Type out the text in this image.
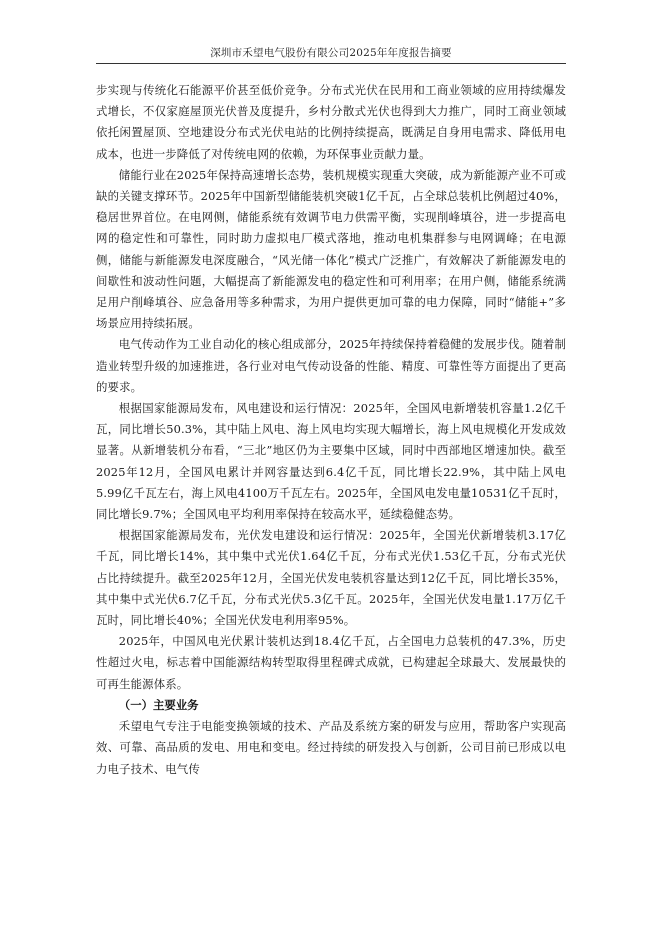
深圳市禾望电气股份有限公司2025年年度报告摘要

步实现与传统化石能源平价甚至低价竞争。分布式光伏在民用和工商业领域的应用持续爆发式增长，不仅家庭屋顶光伏普及度提升，乡村分散式光伏也得到大力推广，同时工商业领域依托闲置屋顶、空地建设分布式光伏电站的比例持续提高，既满足自身用电需求、降低用电成本，也进一步降低了对传统电网的依赖，为环保事业贡献力量。

储能行业在2025年保持高速增长态势，装机规模实现重大突破，成为新能源产业不可或缺的关键支撑环节。2025年中国新型储能装机突破1亿千瓦，占全球总装机比例超过40%，稳居世界首位。在电网侧，储能系统有效调节电力供需平衡，实现削峰填谷，进一步提高电网的稳定性和可靠性，同时助力虚拟电厂模式落地，推动电机集群参与电网调峰；在电源侧，储能与新能源发电深度融合，“风光储一体化”模式广泛推广，有效解决了新能源发电的间歇性和波动性问题，大幅提高了新能源发电的稳定性和可利用率；在用户侧，储能系统满足用户削峰填谷、应急备用等多种需求，为用户提供更加可靠的电力保障，同时“储能+”多场景应用持续拓展。

电气传动作为工业自动化的核心组成部分，2025年持续保持着稳健的发展步伐。随着制造业转型升级的加速推进，各行业对电气传动设备的性能、精度、可靠性等方面提出了更高的要求。

根据国家能源局发布，风电建设和运行情况：2025年，全国风电新增装机容量1.2亿千瓦，同比增长50.3%，其中陆上风电、海上风电均实现大幅增长，海上风电规模化开发成效显著。从新增装机分布看，“三北”地区仍为主要集中区域，同时中西部地区增速加快。截至2025年12月，全国风电累计并网容量达到6.4亿千瓦，同比增长22.9%，其中陆上风电5.99亿千瓦左右，海上风电4100万千瓦左右。2025年，全国风电发电量10531亿千瓦时，同比增长9.7%；全国风电平均利用率保持在较高水平，延续稳健态势。

根据国家能源局发布，光伏发电建设和运行情况：2025年，全国光伏新增装机3.17亿千瓦，同比增长14%，其中集中式光伏1.64亿千瓦，分布式光伏1.53亿千瓦，分布式光伏占比持续提升。截至2025年12月，全国光伏发电装机容量达到12亿千瓦，同比增长35%，其中集中式光伏6.7亿千瓦，分布式光伏5.3亿千瓦。2025年，全国光伏发电量1.17万亿千瓦时，同比增长40%；全国光伏发电利用率95%。

2025年，中国风电光伏累计装机达到18.4亿千瓦，占全国电力总装机的47.3%，历史性超过火电，标志着中国能源结构转型取得里程碑式成就，已构建起全球最大、发展最快的可再生能源体系。

（一）主要业务

禾望电气专注于电能变换领域的技术、产品及系统方案的研发与应用，帮助客户实现高效、可靠、高品质的发电、用电和变电。经过持续的研发投入与创新，公司目前已形成以电力电子技术、电气传
